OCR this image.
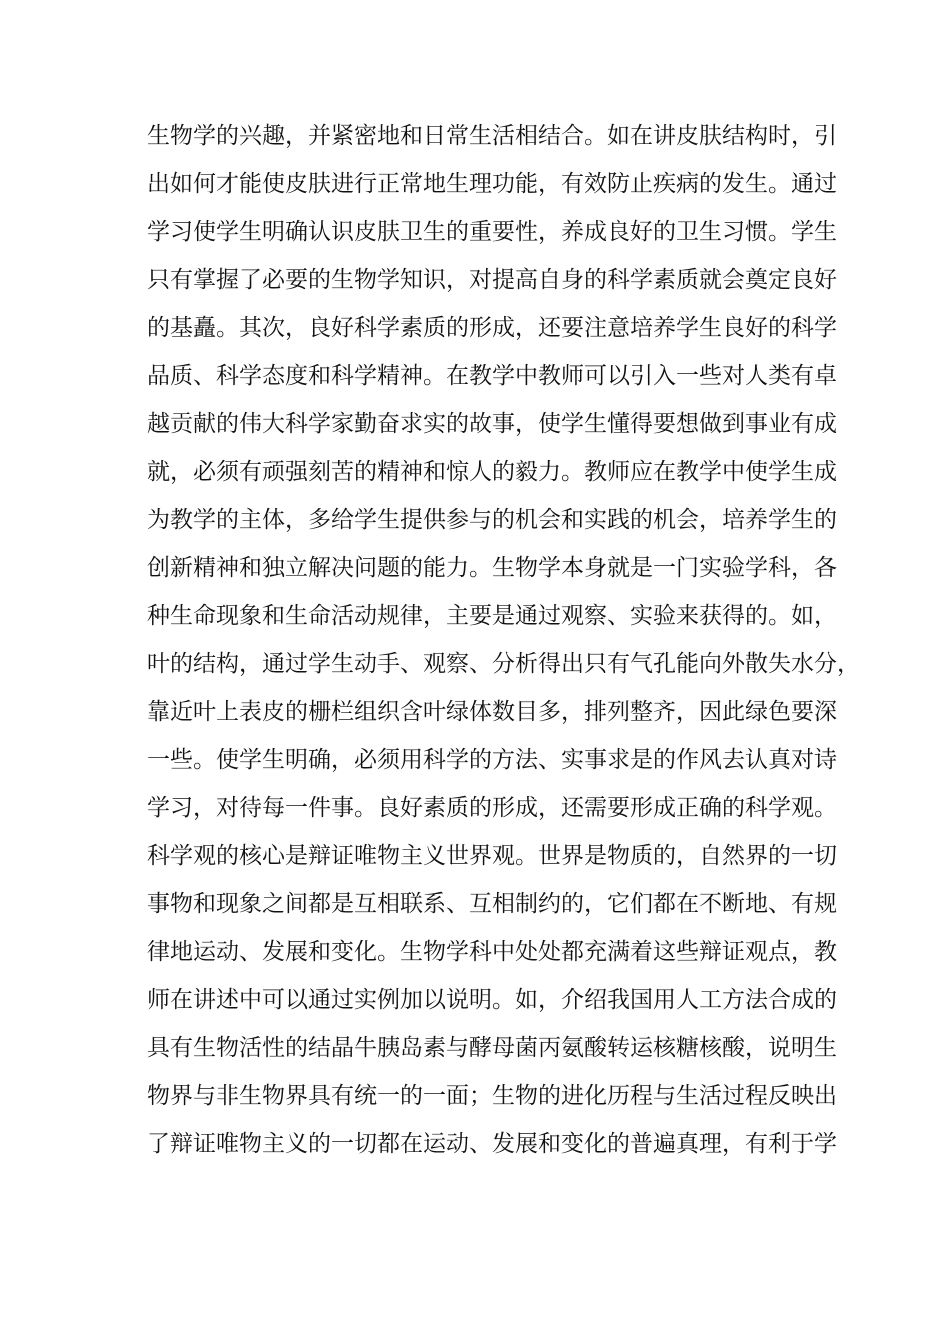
生物学的兴趣，并紧密地和日常生活相结合。如在讲皮肤结构时，引
出如何才能使皮肤进行正常地生理功能，有效防止疾病的发生。通过
学习使学生明确认识皮肤卫生的重要性，养成良好的卫生习惯。学生
只有掌握了必要的生物学知识，对提高自身的科学素质就会奠定良好
的基矗。其次，良好科学素质的形成，还要注意培养学生良好的科学
品质、科学态度和科学精神。在教学中教师可以引入一些对人类有卓
越贡献的伟大科学家勤奋求实的故事，使学生懂得要想做到事业有成
就，必须有顽强刻苦的精神和惊人的毅力。教师应在教学中使学生成
为教学的主体，多给学生提供参与的机会和实践的机会，培养学生的
创新精神和独立解决问题的能力。生物学本身就是一门实验学科，各
种生命现象和生命活动规律，主要是通过观察、实验来获得的。如，
叶的结构，通过学生动手、观察、分析得出只有气孔能向外散失水分，
靠近叶上表皮的栅栏组织含叶绿体数目多，排列整齐，因此绿色要深
一些。使学生明确，必须用科学的方法、实事求是的作风去认真对诗
学习，对待每一件事。良好素质的形成，还需要形成正确的科学观。
科学观的核心是辩证唯物主义世界观。世界是物质的，自然界的一切
事物和现象之间都是互相联系、互相制约的，它们都在不断地、有规
律地运动、发展和变化。生物学科中处处都充满着这些辩证观点，教
师在讲述中可以通过实例加以说明。如，介绍我国用人工方法合成的
具有生物活性的结晶牛胰岛素与酵母菌丙氨酸转运核糖核酸，说明生
物界与非生物界具有统一的一面；生物的进化历程与生活过程反映出
了辩证唯物主义的一切都在运动、发展和变化的普遍真理，有利于学
